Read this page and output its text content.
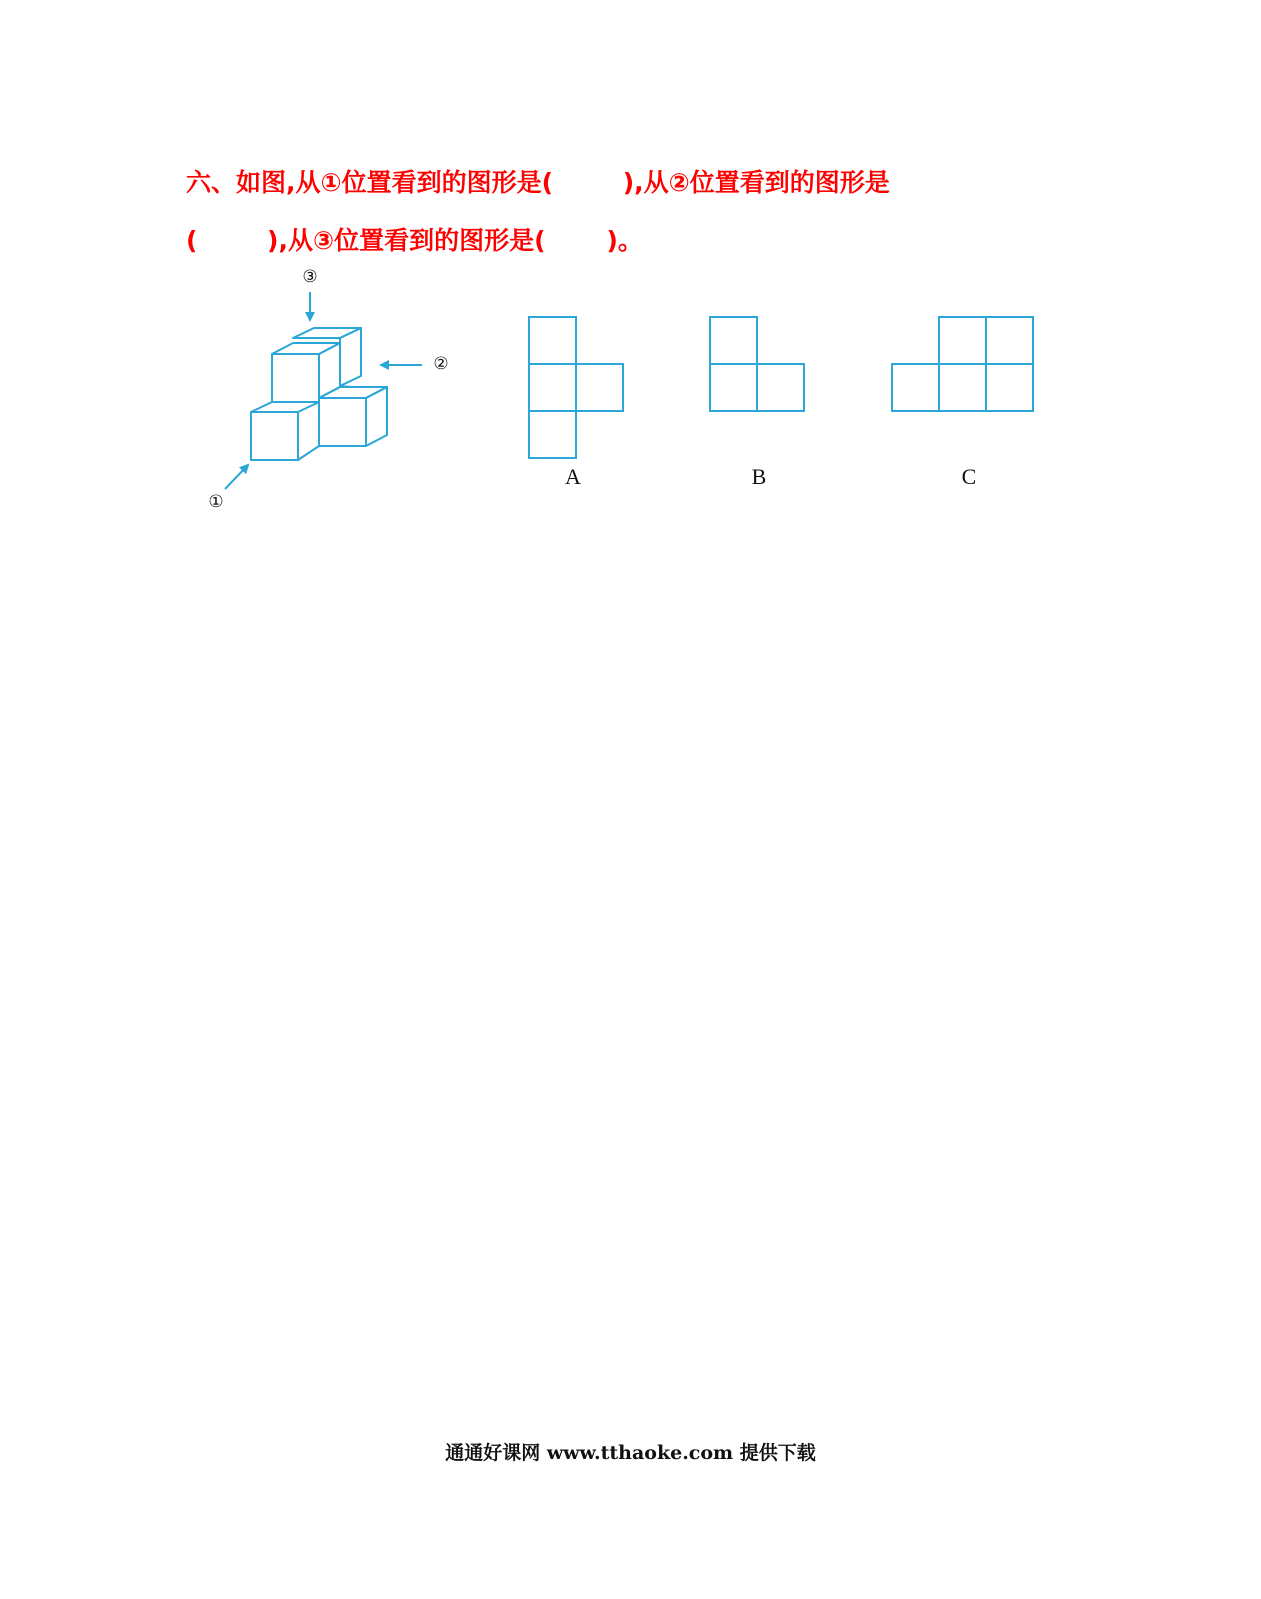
六、如图,从①位置看到的图形是(        ),从②位置看到的图形是

(        ),从③位置看到的图形是(       )。

③
②
①
A	B	C
通通好课网 www.tthaoke.com 提供下载
